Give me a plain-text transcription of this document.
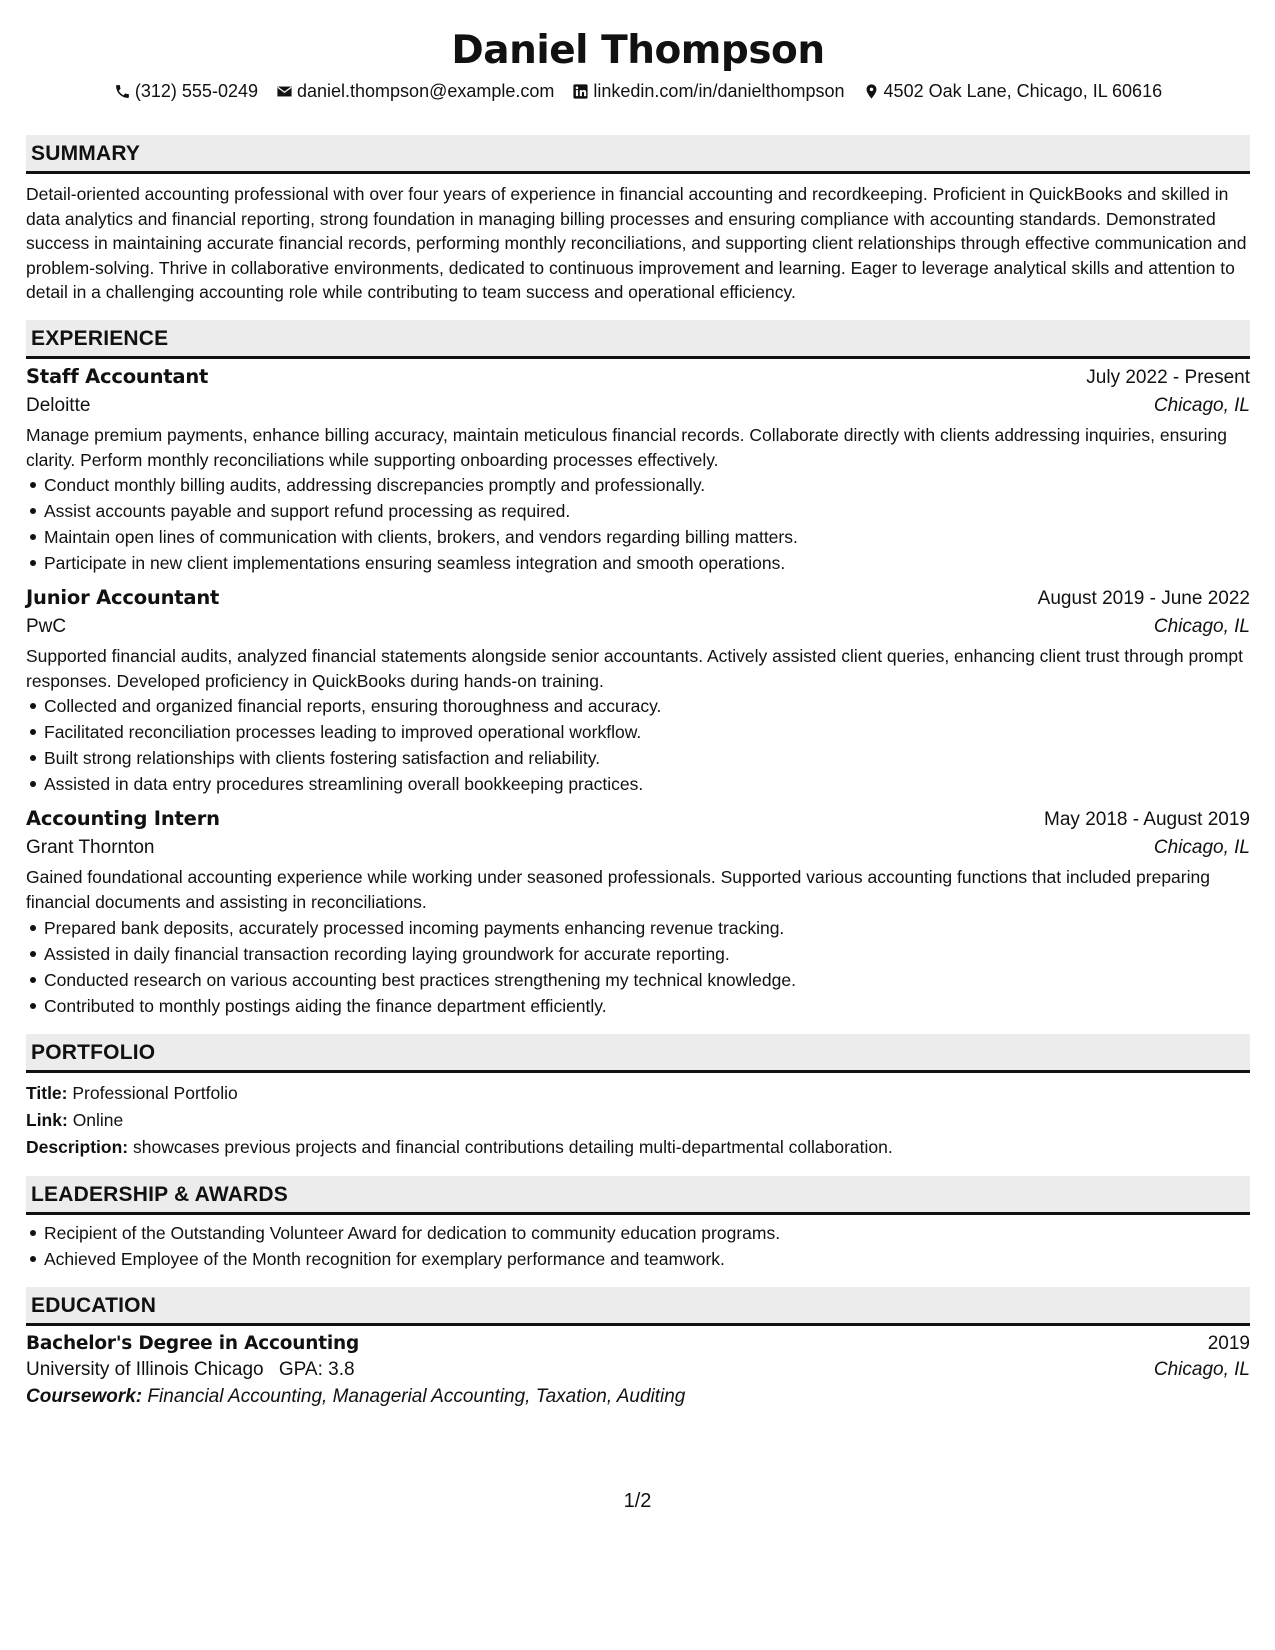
Daniel Thompson
(312) 555-0249 daniel.thompson@example.com linkedin.com/in/danielthompson 4502 Oak Lane, Chicago, IL 60616
SUMMARY

Detail-oriented accounting professional with over four years of experience in financial accounting and recordkeeping. Proficient in QuickBooks and skilled in data analytics and financial reporting, strong foundation in managing billing processes and ensuring compliance with accounting standards. Demonstrated success in maintaining accurate financial records, performing monthly reconciliations, and supporting client relationships through effective communication and problem-solving. Thrive in collaborative environments, dedicated to continuous improvement and learning. Eager to leverage analytical skills and attention to detail in a challenging accounting role while contributing to team success and operational efficiency.

EXPERIENCE
Staff Accountant	July 2022 - Present
Deloitte	Chicago, IL

Manage premium payments, enhance billing accuracy, maintain meticulous financial records. Collaborate directly with clients addressing inquiries, ensuring clarity. Perform monthly reconciliations while supporting onboarding processes effectively.

Conduct monthly billing audits, addressing discrepancies promptly and professionally.
Assist accounts payable and support refund processing as required.
Maintain open lines of communication with clients, brokers, and vendors regarding billing matters.
Participate in new client implementations ensuring seamless integration and smooth operations.
Junior Accountant	August 2019 - June 2022
PwC	Chicago, IL

Supported financial audits, analyzed financial statements alongside senior accountants. Actively assisted client queries, enhancing client trust through prompt responses. Developed proficiency in QuickBooks during hands-on training.

Collected and organized financial reports, ensuring thoroughness and accuracy.
Facilitated reconciliation processes leading to improved operational workflow.
Built strong relationships with clients fostering satisfaction and reliability.
Assisted in data entry procedures streamlining overall bookkeeping practices.
Accounting Intern	May 2018 - August 2019
Grant Thornton	Chicago, IL

Gained foundational accounting experience while working under seasoned professionals. Supported various accounting functions that included preparing financial documents and assisting in reconciliations.

Prepared bank deposits, accurately processed incoming payments enhancing revenue tracking.
Assisted in daily financial transaction recording laying groundwork for accurate reporting.
Conducted research on various accounting best practices strengthening my technical knowledge.
Contributed to monthly postings aiding the finance department efficiently.
PORTFOLIO
Title: Professional Portfolio
Link: Online
Description: showcases previous projects and financial contributions detailing multi-departmental collaboration.
LEADERSHIP & AWARDS
Recipient of the Outstanding Volunteer Award for dedication to community education programs.
Achieved Employee of the Month recognition for exemplary performance and teamwork.
EDUCATION
Bachelor's Degree in Accounting	2019
University of Illinois Chicago GPA: 3.8	Chicago, IL
Coursework: Financial Accounting, Managerial Accounting, Taxation, Auditing
1/2
